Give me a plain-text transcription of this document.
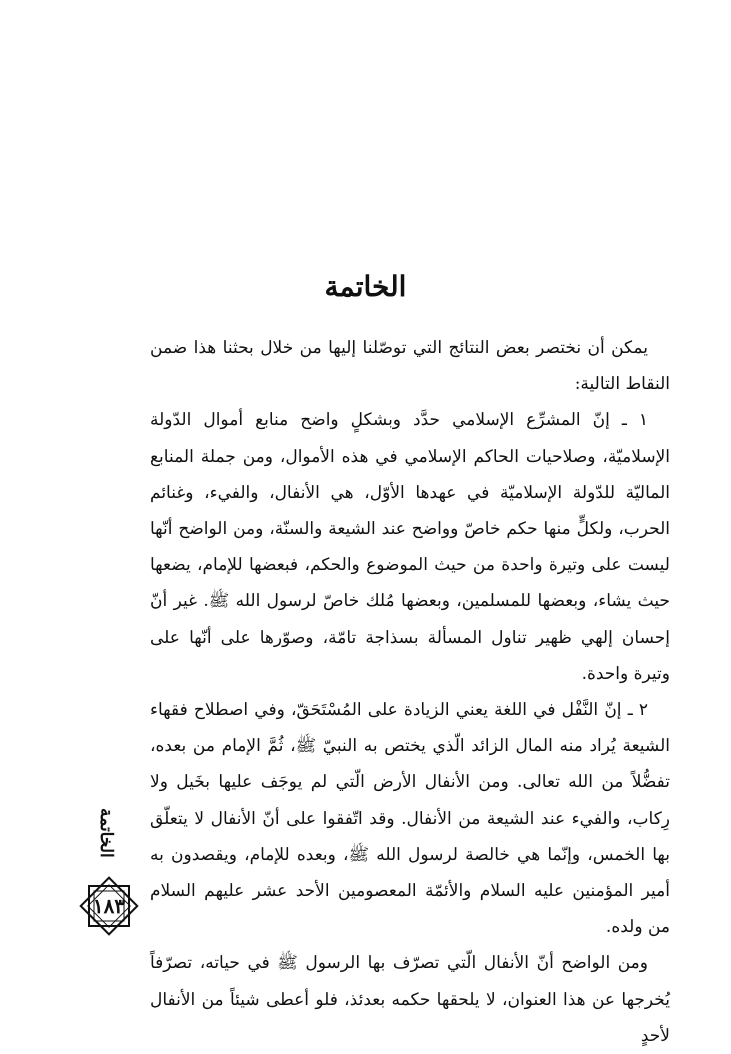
الخاتمة

يمكن أن نختصر بعض النتائج التي توصّلنا إليها من خلال بحثنا هذا ضمن النقاط التالية:

١ ـ إنّ المشرِّع الإسلامي حدَّد وبشكلٍ واضح منابع أموال الدّولة الإسلاميّة، وصلاحيات الحاكم الإسلامي في هذه الأموال، ومن جملة المنابع الماليّة للدّولة الإسلاميّة في عهدها الأوّل، هي الأنفال، والفيء، وغنائم الحرب، ولكلٍّ منها حكم خاصّ وواضح عند الشيعة والسنّة، ومن الواضح أنّها ليست على وتيرة واحدة من حيث الموضوع والحكم، فبعضها للإمام، يضعها حيث يشاء، وبعضها للمسلمين، وبعضها مُلك خاصّ لرسول الله ﷺ. غير أنّ إحسان إلهي ظهير تناول المسألة بسذاجة تامّة، وصوّرها على أنّها على وتيرة واحدة.

٢ ـ إنّ النَّفْل في اللغة يعني الزيادة على المُسْتَحَقّ، وفي اصطلاح فقهاء الشيعة يُراد منه المال الزائد الّذي يختص به النبيّ ﷺ، ثُمَّ الإمام من بعده، تفضُّلاً من الله تعالى. ومن الأنفال الأرض الّتي لم يوجَف عليها بخَيل ولا رِكاب، والفيء عند الشيعة من الأنفال. وقد اتّفقوا على أنّ الأنفال لا يتعلّق بها الخمس، وإنّما هي خالصة لرسول الله ﷺ، وبعده للإمام، ويقصدون به أمير المؤمنين عليه السلام والأئمّة المعصومين الأحد عشر عليهم السلام من ولده.

ومن الواضح أنّ الأنفال الّتي تصرّف بها الرسول ﷺ في حياته، تصرّفاً يُخرجها عن هذا العنوان، لا يلحقها حكمه بعدئذ، فلو أعطى شيئاً من الأنفال لأحدٍ

الخاتمة
١٨٣
